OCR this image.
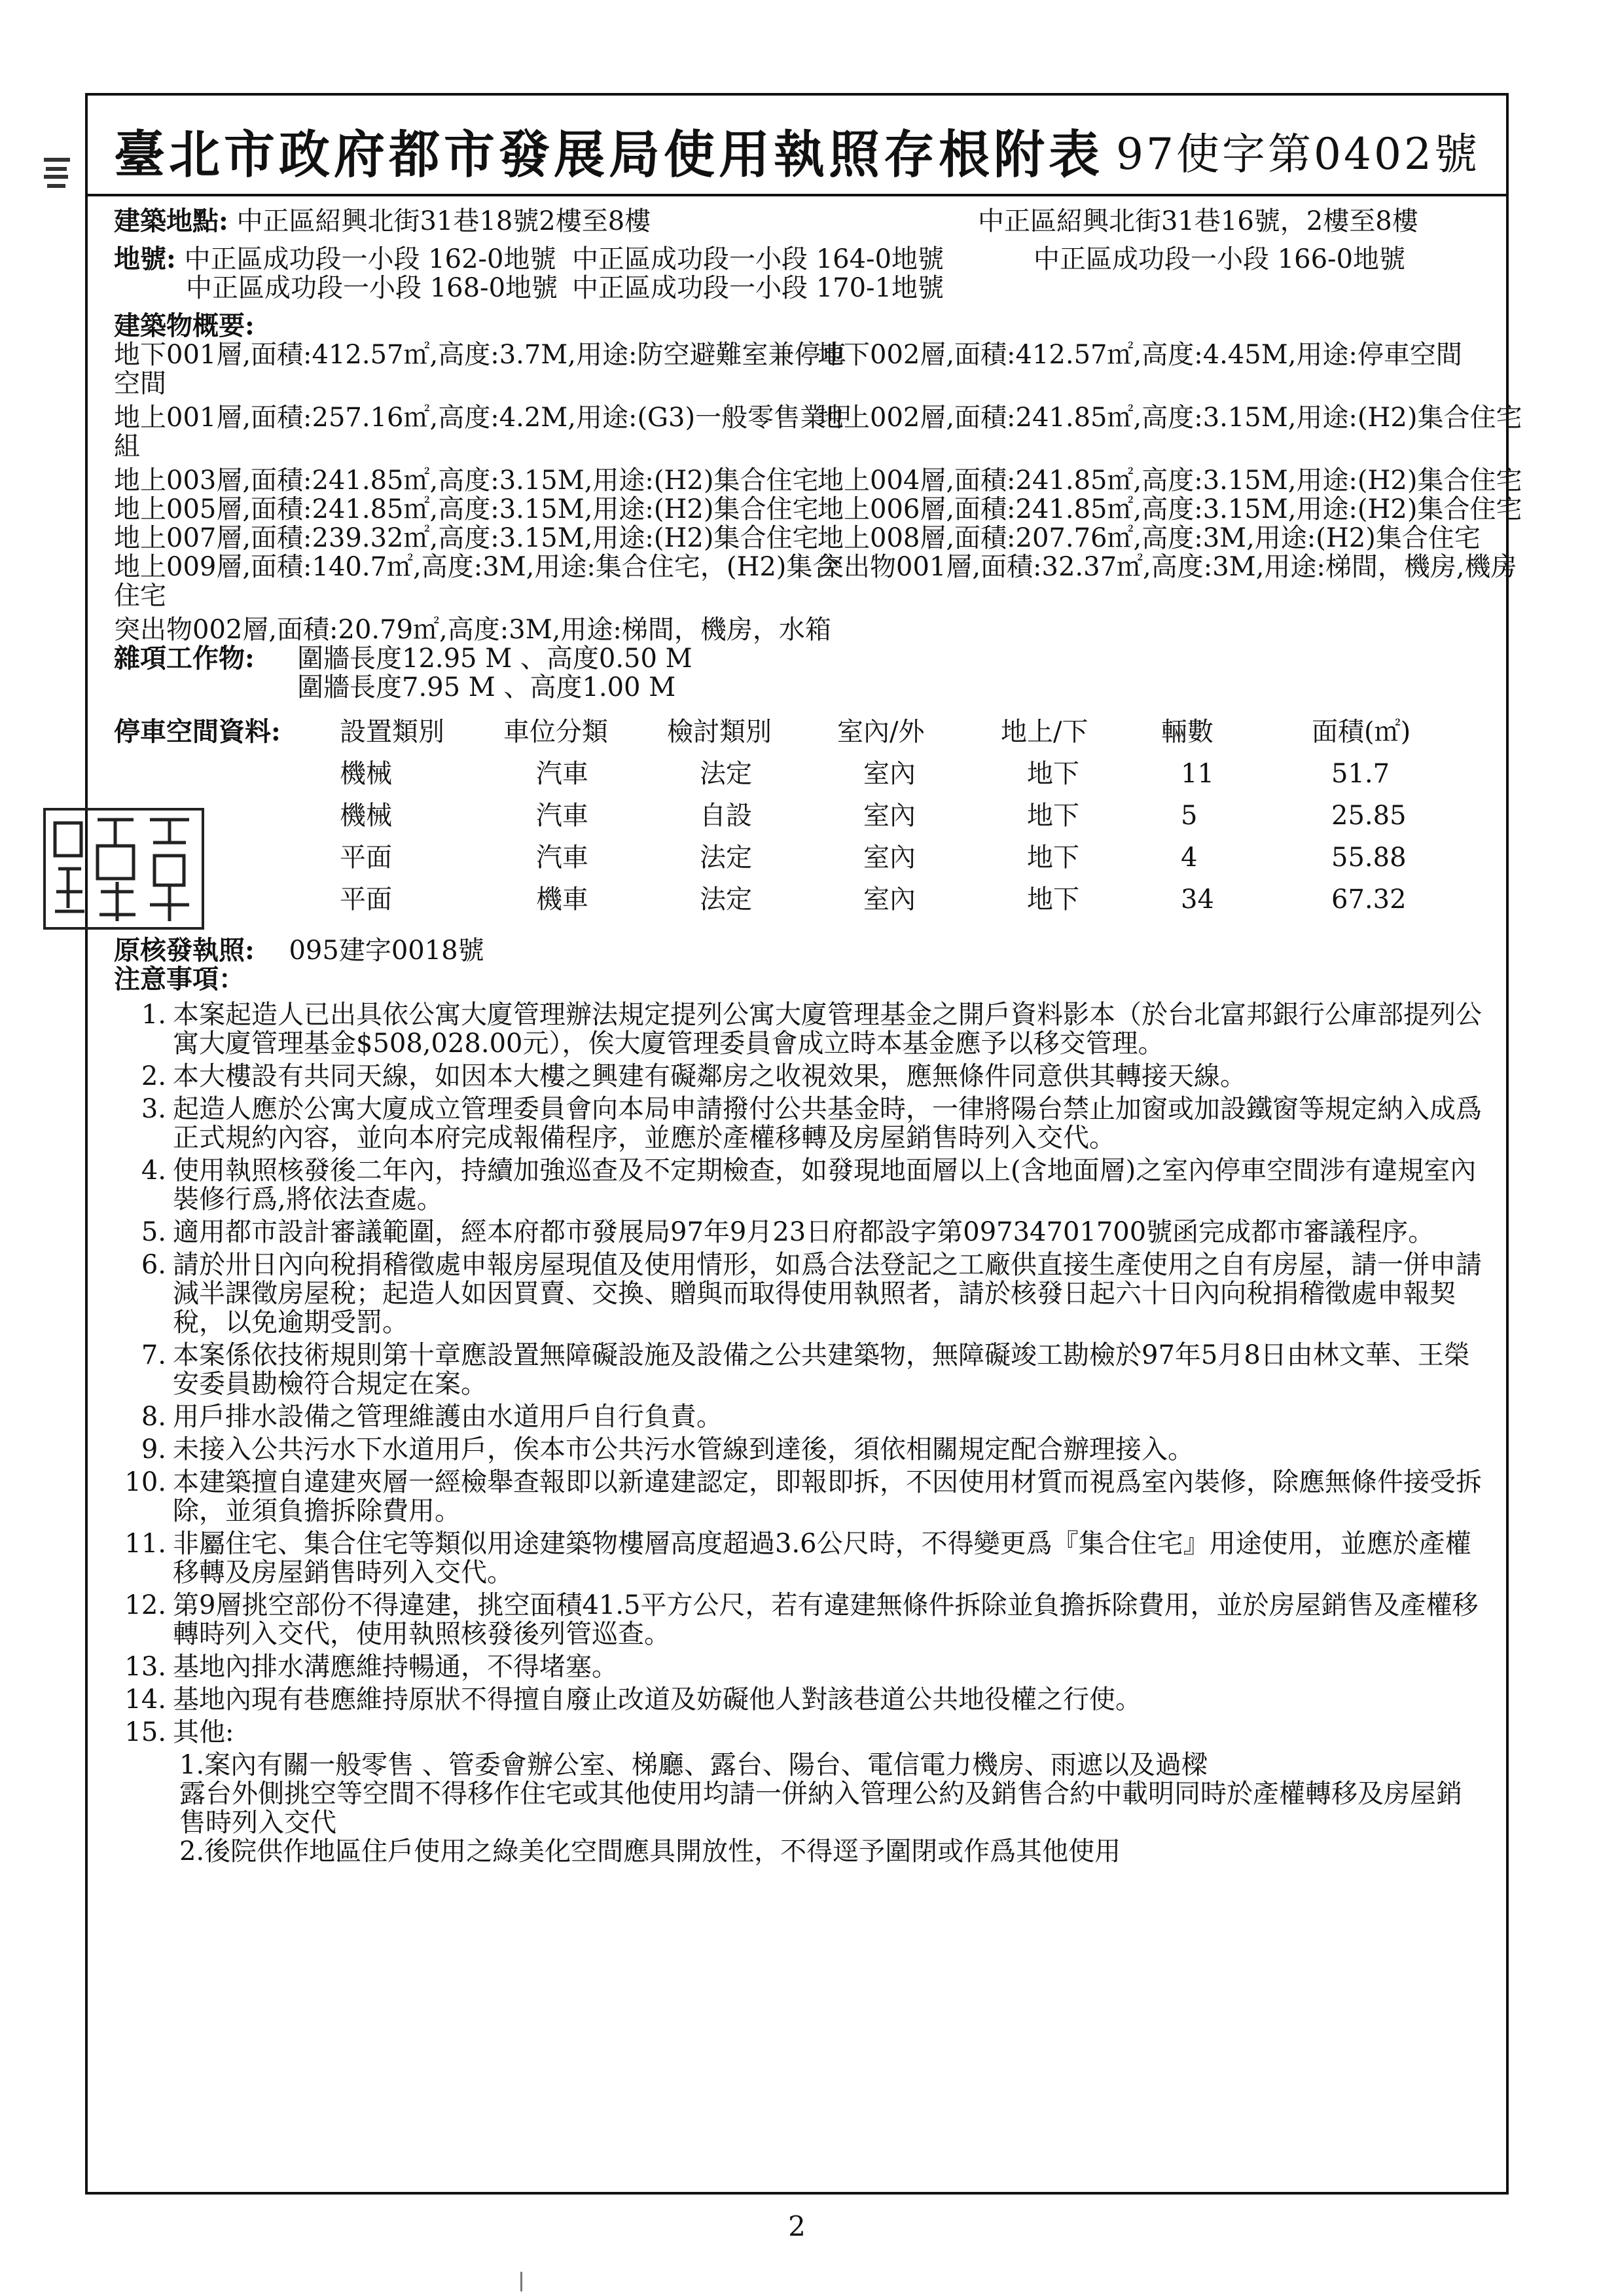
臺北市政府都市發展局使用執照存根附表 97使字第0402號
建築地點: 中正區紹興北街31巷18號2樓至8樓	中正區紹興北街31巷16號，2樓至8樓
地號: 中正區成功段一小段 162-0地號 中正區成功段一小段 164-0地號	中正區成功段一小段 166-0地號
中正區成功段一小段 168-0地號 中正區成功段一小段 170-1地號
建築物概要:
地下001層,面積:412.57㎡,高度:3.7M,用途:防空避難室兼停車
地下002層,面積:412.57㎡,高度:4.45M,用途:停車空間
空間
地上001層,面積:257.16㎡,高度:4.2M,用途:(G3)一般零售業甲
地上002層,面積:241.85㎡,高度:3.15M,用途:(H2)集合住宅
組
地上003層,面積:241.85㎡,高度:3.15M,用途:(H2)集合住宅
地上004層,面積:241.85㎡,高度:3.15M,用途:(H2)集合住宅
地上005層,面積:241.85㎡,高度:3.15M,用途:(H2)集合住宅
地上006層,面積:241.85㎡,高度:3.15M,用途:(H2)集合住宅
地上007層,面積:239.32㎡,高度:3.15M,用途:(H2)集合住宅
地上008層,面積:207.76㎡,高度:3M,用途:(H2)集合住宅
地上009層,面積:140.7㎡,高度:3M,用途:集合住宅，(H2)集合
突出物001層,面積:32.37㎡,高度:3M,用途:梯間，機房,機房
住宅
突出物002層,面積:20.79㎡,高度:3M,用途:梯間，機房，水箱
雜項工作物:	圍牆長度12.95 M 、高度0.50 M
圍牆長度7.95 M 、高度1.00 M
停車空間資料:	設置類別	車位分類	檢討類別	室內/外	地上/下	輛數	面積(㎡)
	機械	汽車	法定	室內	地下	11	51.7
	機械	汽車	自設	室內	地下	5	25.85
	平面	汽車	法定	室內	地下	4	55.88
	平面	機車	法定	室內	地下	34	67.32
原核發執照: 095建字0018號
注意事項：
1. 本案起造人已出具依公寓大廈管理辦法規定提列公寓大廈管理基金之開戶資料影本（於台北富邦銀行公庫部提列公寓大廈管理基金$508,028.00元），俟大廈管理委員會成立時本基金應予以移交管理。
2. 本大樓設有共同天線，如因本大樓之興建有礙鄰房之收視效果，應無條件同意供其轉接天線。
3. 起造人應於公寓大廈成立管理委員會向本局申請撥付公共基金時，一律將陽台禁止加窗或加設鐵窗等規定納入成爲正式規約內容，並向本府完成報備程序，並應於產權移轉及房屋銷售時列入交代。
4. 使用執照核發後二年內，持續加強巡查及不定期檢查，如發現地面層以上(含地面層)之室內停車空間涉有違規室內裝修行爲,將依法查處。
5. 適用都市設計審議範圍，經本府都市發展局97年9月23日府都設字第09734701700號函完成都市審議程序。
6. 請於卅日內向稅捐稽徵處申報房屋現值及使用情形，如爲合法登記之工廠供直接生產使用之自有房屋，請一併申請減半課徵房屋稅；起造人如因買賣、交換、贈與而取得使用執照者，請於核發日起六十日內向稅捐稽徵處申報契稅，以免逾期受罰。
7. 本案係依技術規則第十章應設置無障礙設施及設備之公共建築物，無障礙竣工勘檢於97年5月8日由林文華、王榮安委員勘檢符合規定在案。
8. 用戶排水設備之管理維護由水道用戶自行負責。
9. 未接入公共污水下水道用戶，俟本市公共污水管線到達後，須依相關規定配合辦理接入。
10. 本建築擅自違建夾層一經檢舉查報即以新違建認定，即報即拆，不因使用材質而視爲室內裝修，除應無條件接受拆除，並須負擔拆除費用。
11. 非屬住宅、集合住宅等類似用途建築物樓層高度超過3.6公尺時，不得變更爲『集合住宅』用途使用，並應於產權移轉及房屋銷售時列入交代。
12. 第9層挑空部份不得違建，挑空面積41.5平方公尺，若有違建無條件拆除並負擔拆除費用，並於房屋銷售及產權移轉時列入交代，使用執照核發後列管巡查。
13. 基地內排水溝應維持暢通，不得堵塞。
14. 基地內現有巷應維持原狀不得擅自廢止改道及妨礙他人對該巷道公共地役權之行使。
15. 其他:
1.案內有關一般零售 、管委會辦公室、梯廳、露台、陽台、電信電力機房、雨遮以及過樑
露台外側挑空等空間不得移作住宅或其他使用均請一併納入管理公約及銷售合約中載明同時於產權轉移及房屋銷售時列入交代
2.後院供作地區住戶使用之綠美化空間應具開放性，不得逕予圍閉或作爲其他使用
2
